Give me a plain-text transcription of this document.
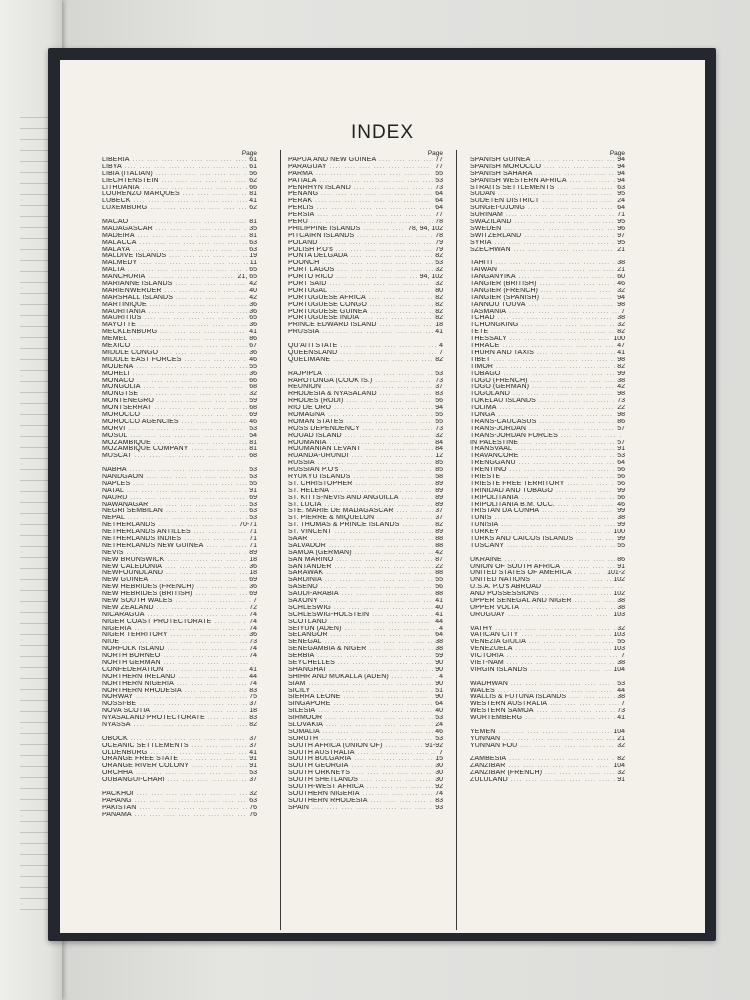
INDEX
Page
LIBERIA ....	61
LIBYA ....	61
LIBIA (ITALIAN) ....	56
LIECHTENSTEIN ....	62
LITHUANIA ....	66
LOURENZO MARQUES ....	81
LUBECK ....	41
LUXEMBURG ....	62
MACAO ....	81
MADAGASCAR ....	35
MADEIRA ....	81
MALACCA ....	63
MALAYA ....	63
MALDIVE ISLANDS ....	19
MALMEDY ....	11
MALTA ....	65
MANCHURIA ....	21, 65
MARIANNE ISLANDS ....	42
MARIENWERDER ....	40
MARSHALL ISLANDS ....	42
MARTINIQUE ....	36
MAURITANIA ....	36
MAURITIUS ....	65
MAYOTTE ....	36
MECKLENBURG ....	41
MEMEL ....	86
MEXICO ....	67
MIDDLE CONGO ....	36
MIDDLE EAST FORCES ....	46
MODENA ....	55
MOHELI ....	36
MONACO ....	66
MONGOLIA ....	68
MONGTSE ....	32
MONTENEGRO ....	59
MONTSERRAT ....	68
MOROCCO ....	69
MOROCCO AGENCIES ....	46
MORVI ....	53
MOSUL ....	54
MOZAMBIQUE ....	81
MOZAMBIQUE COMPANY ....	81
MUSCAT ....	68
NABHA ....	53
NANDGAON ....	53
NAPLES ....	55
NATAL ....	91
NAURU ....	69
NAWANAGAR ....	53
NEGRI SEMBILAN ....	63
NEPAL ....	53
NETHERLANDS ....	70-71
NETHERLANDS ANTILLES ....	71
NETHERLANDS INDIES ....	71
NETHERLANDS NEW GUINEA ....	71
NEVIS ....	89
NEW BRUNSWICK ....	18
NEW CALEDONIA ....	36
NEWFOUNDLAND ....	18
NEW GUINEA ....	69
NEW HEBRIDES (FRENCH) ....	36
NEW HEBRIDES (BRITISH) ....	69
NEW SOUTH WALES ....	7
NEW ZEALAND ....	72
NICARAGUA ....	74
NIGER COAST PROTECTORATE ....	74
NIGERIA ....	74
NIGER TERRITORY ....	36
NIUE ....	73
NORFOLK ISLAND ....	74
NORTH BORNEO ....	74
NORTH GERMAN ....
CONFEDERATION ....	41
NORTHERN IRELAND ....	44
NORTHERN NIGERIA ....	74
NORTHERN RHODESIA ....	83
NORWAY ....	75
NOSSI-BE ....	37
NOVA SCOTIA ....	18
NYASALAND PROTECTORATE ....	83
NYASSA ....	82
OBOCK ....	37
OCEANIC SETTLEMENTS ....	37
OLDENBURG ....	41
ORANGE FREE STATE ....	91
ORANGE RIVER COLONY ....	91
ORCHHA ....	53
OUBANGUI-CHARI ....	37
PACKHOI ....	32
PAHANG ....	63
PAKISTAN ....	76
PANAMA ....	76
Page
PAPUA AND NEW GUINEA ....	77
PARAGUAY ....	77
PARMA ....	55
PATIALA ....	53
PENRHYN ISLAND ....	73
PENANG ....	64
PERAK ....	64
PERLIS ....	64
PERSIA ....	77
PERU ....	78
PHILIPPINE ISLANDS ....	78, 94, 102
PITCAIRN ISLANDS ....	78
POLAND ....	79
POLISH P.O's ....	79
PONTA DELGADA ....	82
POONCH ....	53
PORT LAGOS ....	32
PORTO RICO ....	94, 102
PORT SAID ....	32
PORTUGAL ....	80
PORTUGUESE AFRICA ....	82
PORTUGUESE CONGO ....	82
PORTUGUESE GUINEA ....	82
PORTUGUESE INDIA ....	82
PRINCE EDWARD ISLAND ....	18
PRUSSIA ....	41
QU'AITI STATE ....	4
QUEENSLAND ....	7
QUELIMANE ....	82
RAJPIPLA ....	53
RAROTONGA (COOK IS.) ....	73
REUNION ....	37
RHODESIA & NYASALAND ....	83
RHODES (RODI) ....	56
RIO DE ORO ....	94
ROMAGNA ....	55
ROMAN STATES ....	55
ROSS DEPENDENCY ....	73
ROUAD ISLAND ....	32
ROUMANIA ....	84
ROUMANIAN LEVANT ....	84
RUANDA-URUNDI ....	12
RUSSIA ....	85
RUSSIAN P.O's ....	85
RYUKYU ISLANDS ....	58
ST. CHRISTOPHER ....	89
ST. HELENA ....	89
ST. KITTS-NEVIS AND ANGUILLA ....	89
ST. LUCIA ....	89
STE. MARIE DE MADAGASCAR ....	37
ST. PIERRE & MIQUELON ....	37
ST. THOMAS & PRINCE ISLANDS ....	82
ST. VINCENT ....	89
SAAR ....	88
SALVADOR ....	88
SAMOA (GERMAN) ....	42
SAN MARINO ....	87
SANTANDER ....	22
SARAWAK ....	88
SARDINIA ....	55
SASENO ....	56
SAUDI-ARABIA ....	88
SAXONY ....	41
SCHLESWIG ....	40
SCHLESWIG-HOLSTEIN ....	41
SCOTLAND ....	44
SEIYUN (ADEN) ....	4
SELANGOR ....	64
SENEGAL ....	38
SENEGAMBIA & NIGER ....	38
SERBIA ....	59
SEYCHELLES ....	90
SHANGHAI ....	90
SHIHR AND MUKALLA (ADEN) ....	4
SIAM ....	90
SICILY ....	51
SIERRA LEONE ....	90
SINGAPORE ....	64
SILESIA ....	40
SIRMOOR ....	53
SLOVAKIA ....	24
SOMALIA ....	46
SORUTH ....	53
SOUTH AFRICA (UNION OF) ....	91-92
SOUTH AUSTRALIA ....	7
SOUTH BULGARIA ....	15
SOUTH GEORGIA ....	30
SOUTH ORKNEYS ....	30
SOUTH SHETLANDS ....	30
SOUTH-WEST AFRICA ....	92
SOUTHERN NIGERIA ....	74
SOUTHERN RHODESIA ....	83
SPAIN ....	93
Page
SPANISH GUINEA ....	94
SPANISH MOROCCO ....	94
SPANISH SAHARA ....	94
SPANISH WESTERN AFRICA ....	94
STRAITS SETTLEMENTS ....	63
SUDAN ....	95
SUDETEN DISTRICT ....	24
SUNGEI-UJONG ....	64
SURINAM ....	71
SWAZILAND ....	95
SWEDEN ....	96
SWITZERLAND ....	97
SYRIA ....	95
SZECHWAN ....	21
TAHITI ....	38
TAIWAN ....	21
TANGANYIKA ....	60
TANGIER (BRITISH) ....	46
TANGIER (FRENCH) ....	32
TANGIER (SPANISH) ....	94
TANNOU TOUVA ....	98
TASMANIA ....	7
TCHAD ....	38
TCHONGKING ....	32
TETE ....	82
THESSALY ....	100
THRACE ....	47
THURN AND TAXIS ....	41
TIBET ....	98
TIMOR ....	82
TOBAGO ....	99
TOGO (FRENCH) ....	38
TOGO (GERMAN) ....	42
TOGOLAND ....	98
TOKELAU ISLANDS ....	73
TOLIMA ....	22
TONGA ....	98
TRANS-CAUCASUS ....	86
TRANS-JORDAN ....	57
TRANS-JORDAN FORCES ....
IN PALESTINE ....	57
TRANSVAAL ....	91
TRAVANCORE ....	53
TRENGGANU ....	64
TRENTINO ....	56
TRIESTE ....	56
TRIESTE FREE TERRITORY ....	56
TRINIDAD AND TOBAGO ....	99
TRIPOLITANIA ....	56
TRIPOLITANIA B.M. OCC. ....	46
TRISTAN DA CUNHA ....	99
TUNIS ....	38
TUNISIA ....	99
TURKEY ....	100
TURKS AND CAICOS ISLANDS ....	99
TUSCANY ....	55
UKRAINE ....	86
UNION OF SOUTH AFRICA ....	91
UNITED STATES OF AMERICA ....	101-2
UNITED NATIONS ....	102
U.S.A. P.O's ABROAD ....
AND POSSESSIONS ....	102
UPPER SENEGAL AND NIGER ....	38
UPPER VOLTA ....	38
URUGUAY ....	103
VATHY ....	32
VATICAN CITY ....	103
VENEZIA GIULIA ....	55
VENEZUELA ....	103
VICTORIA ....	7
VIET-NAM ....	38
VIRGIN ISLANDS ....	104
WADHWAN ....	53
WALES ....	44
WALLIS & FUTUNA ISLANDS ....	38
WESTERN AUSTRALIA ....	7
WESTERN SAMOA ....	73
WURTEMBERG ....	41
YEMEN ....	104
YUNNAN ....	21
YUNNAN FOU ....	32
ZAMBESIA ....	82
ZANZIBAR ....	104
ZANZIBAR (FRENCH) ....	32
ZULULAND ....	91
